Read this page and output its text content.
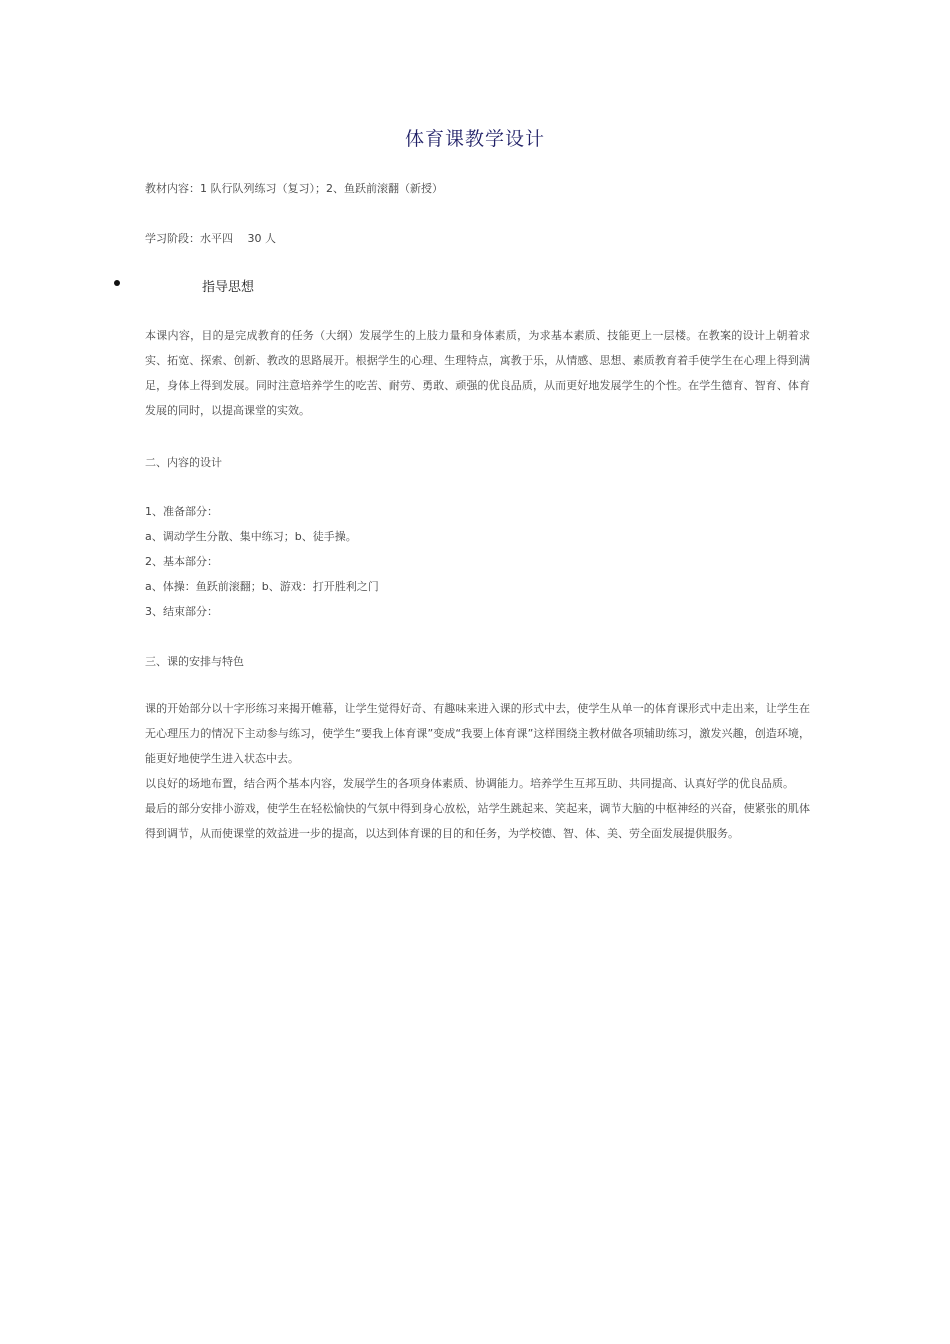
体育课教学设计
教材内容：1 队行队列练习（复习）；2、鱼跃前滚翻（新授）
学习阶段：水平四　 30 人
指导思想
本课内容，目的是完成教育的任务（大纲）发展学生的上肢力量和身体素质，为求基本素质、技能更上一层楼。在教案的设计上朝着求实、拓宽、探索、创新、教改的思路展开。根据学生的心理、生理特点，寓教于乐，从情感、思想、素质教育着手使学生在心理上得到满足，身体上得到发展。同时注意培养学生的吃苦、耐劳、勇敢、顽强的优良品质，从而更好地发展学生的个性。在学生德育、智育、体育发展的同时，以提高课堂的实效。
二、内容的设计
1、准备部分：
a、调动学生分散、集中练习；b、徒手操。
2、基本部分：
a、体操：鱼跃前滚翻；b、游戏：打开胜利之门
3、结束部分：
三、课的安排与特色
课的开始部分以十字形练习来揭开帷幕，让学生觉得好奇、有趣味来进入课的形式中去，使学生从单一的体育课形式中走出来，让学生在无心理压力的情况下主动参与练习，使学生“要我上体育课”变成“我要上体育课”这样围绕主教材做各项辅助练习，激发兴趣，创造环境，能更好地使学生进入状态中去。
以良好的场地布置，结合两个基本内容，发展学生的各项身体素质、协调能力。培养学生互邦互助、共同提高、认真好学的优良品质。
最后的部分安排小游戏，使学生在轻松愉快的气氛中得到身心放松，站学生跳起来、笑起来，调节大脑的中枢神经的兴奋，使紧张的肌体得到调节，从而使课堂的效益进一步的提高，以达到体育课的目的和任务，为学校德、智、体、美、劳全面发展提供服务。
